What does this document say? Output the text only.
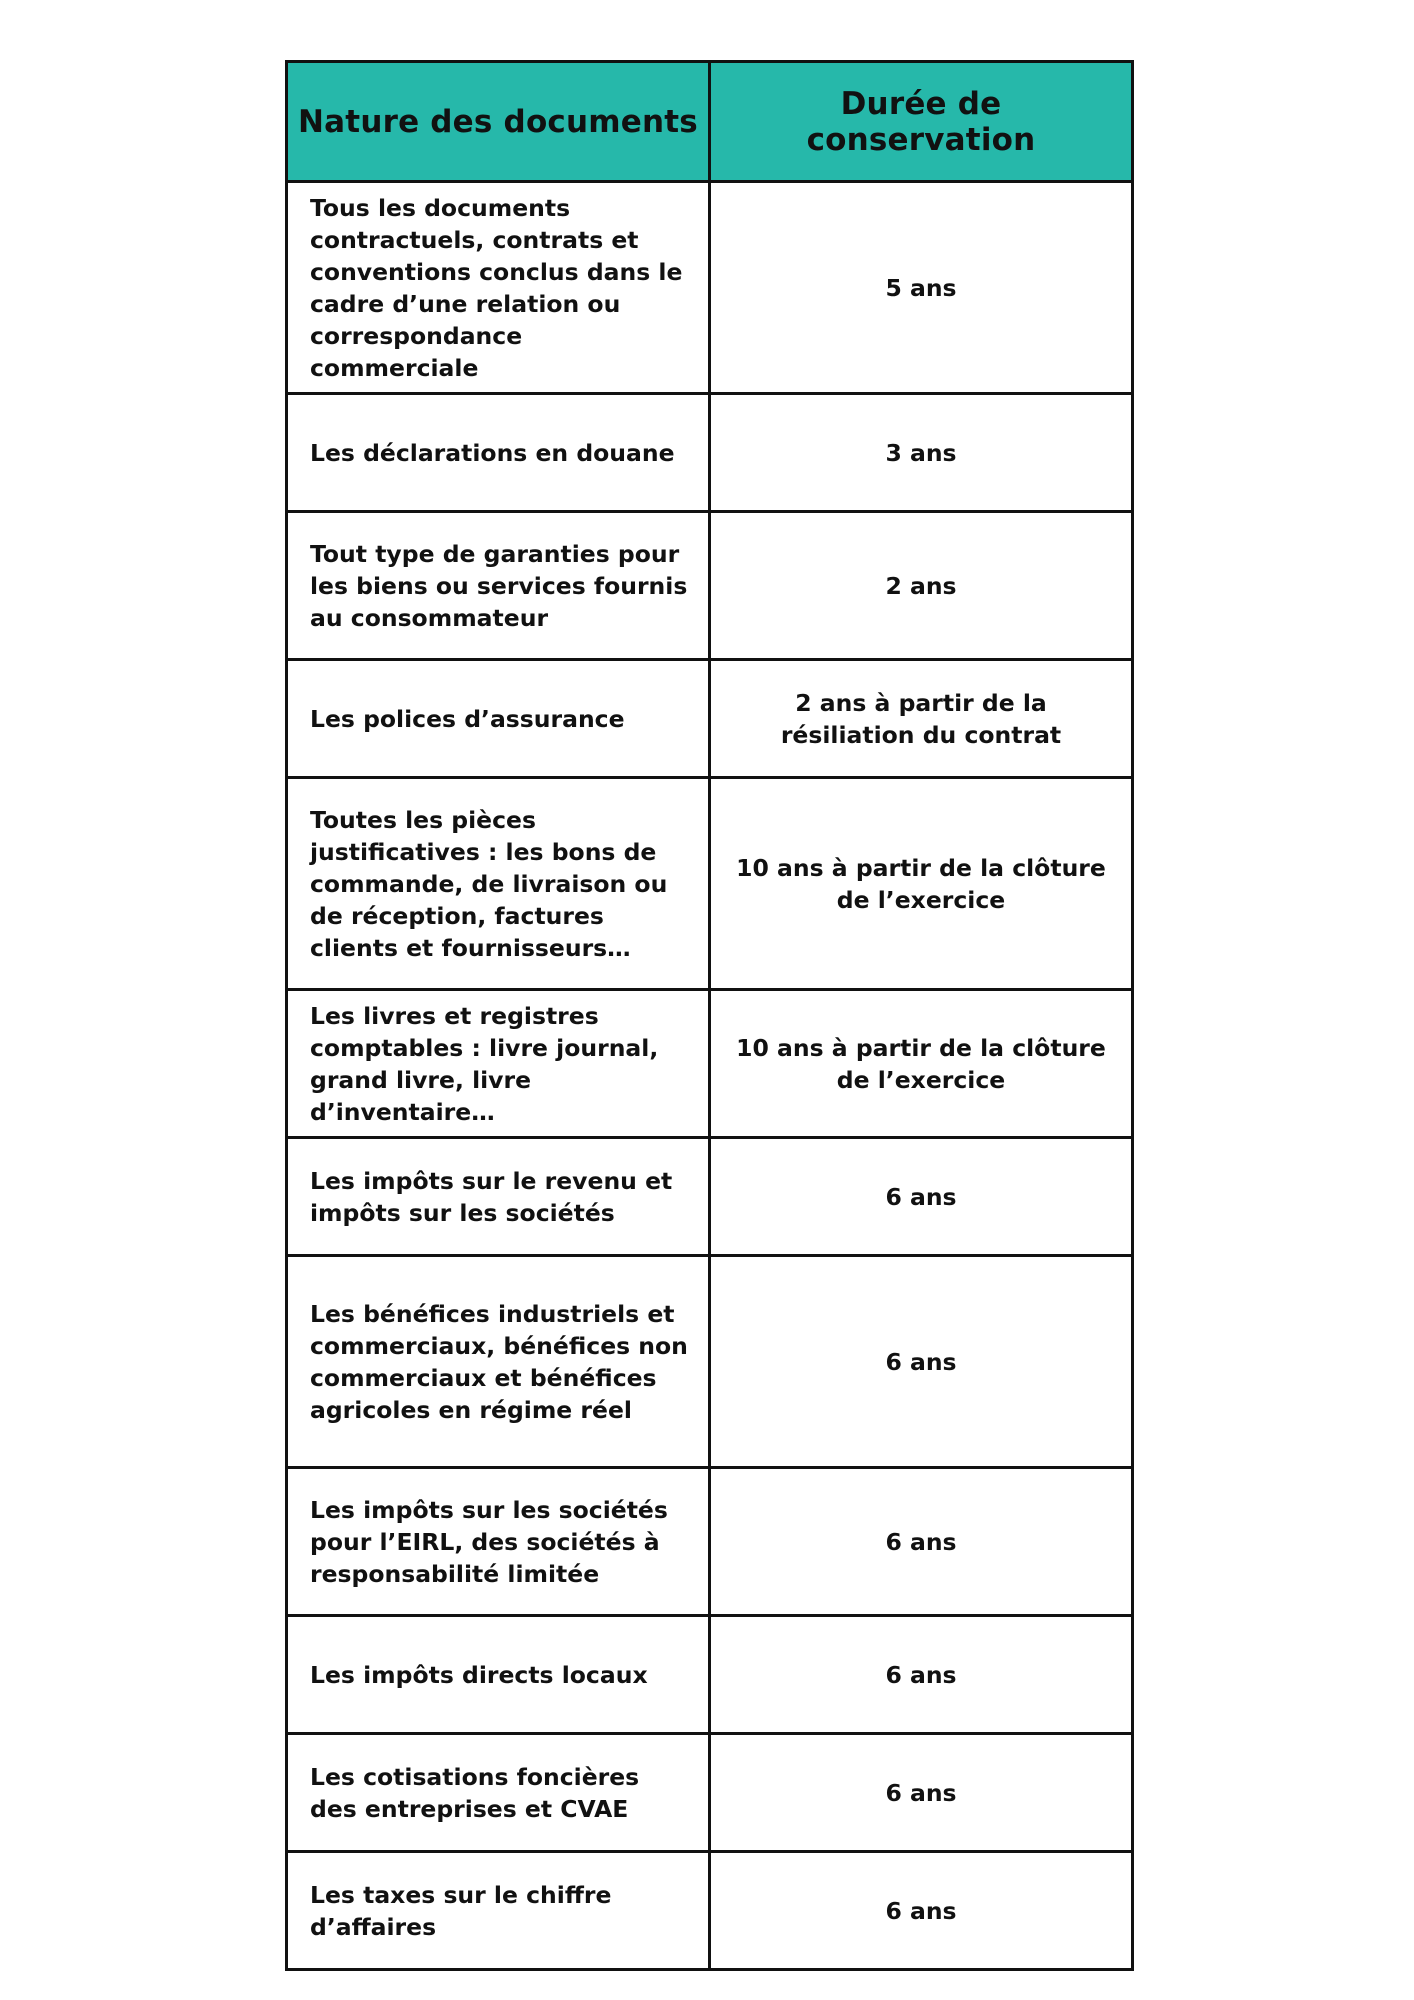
Nature des documents	Durée de conservation
Tous les documents contractuels, contrats et conventions conclus dans le cadre d’une relation ou correspondance commerciale	5 ans
Les déclarations en douane	3 ans
Tout type de garanties pour les biens ou services fournis au consommateur	2 ans
Les polices d’assurance	2 ans à partir de la résiliation du contrat
Toutes les pièces justificatives : les bons de commande, de livraison ou de réception, factures clients et fournisseurs…	10 ans à partir de la clôture de l’exercice
Les livres et registres comptables : livre journal, grand livre, livre d’inventaire…	10 ans à partir de la clôture de l’exercice
Les impôts sur le revenu et impôts sur les sociétés	6 ans
Les bénéfices industriels et commerciaux, bénéfices non commerciaux et bénéfices agricoles en régime réel	6 ans
Les impôts sur les sociétés pour l’EIRL, des sociétés à responsabilité limitée	6 ans
Les impôts directs locaux	6 ans
Les cotisations foncières des entreprises et CVAE	6 ans
Les taxes sur le chiffre d’affaires	6 ans
